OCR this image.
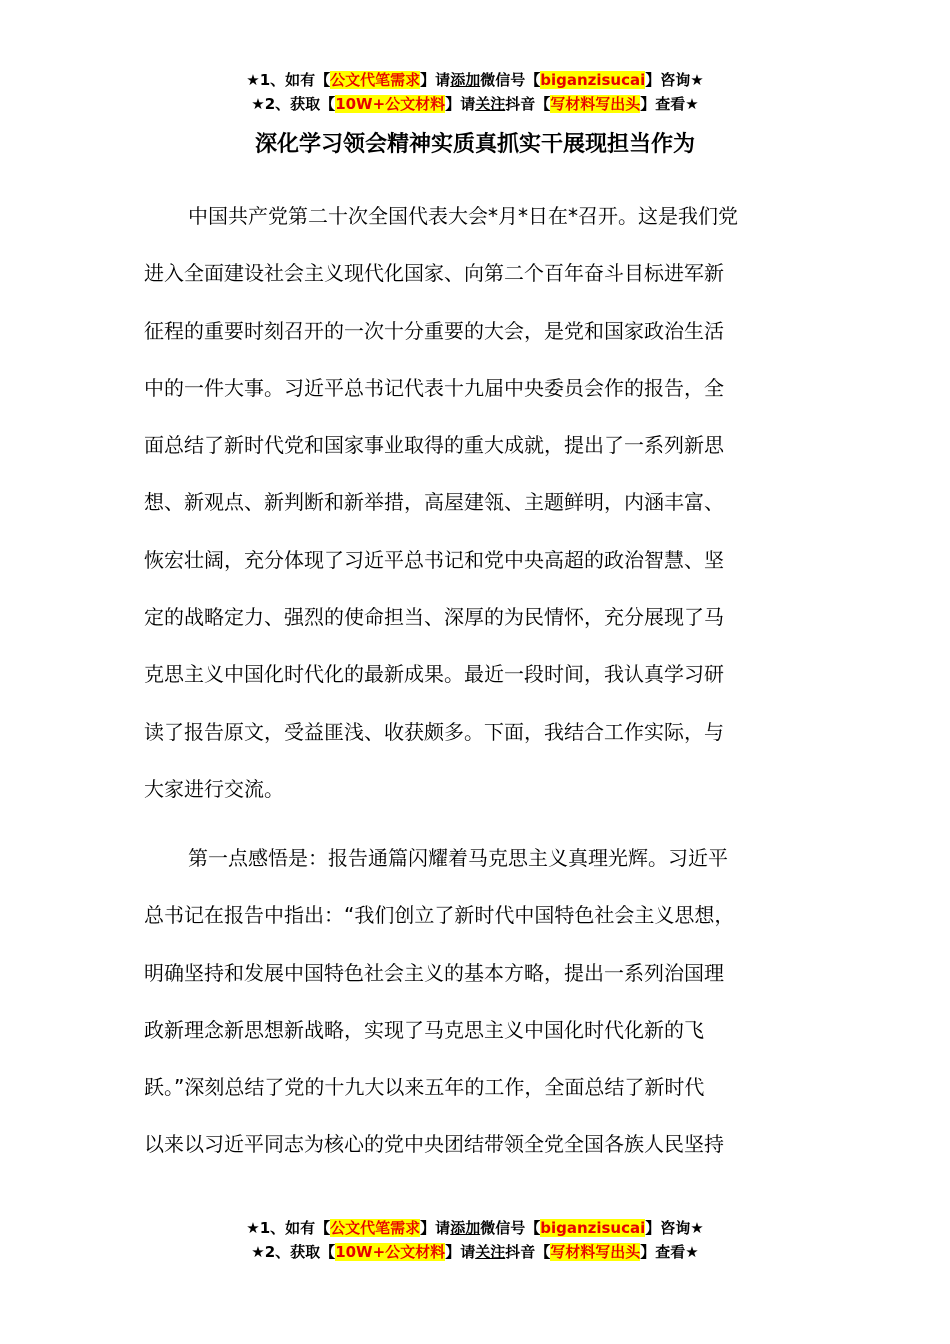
★1、如有【公文代笔需求】请添加微信号【biganzisucai】咨询★
★2、获取【10W+公文材料】请关注抖音【写材料写出头】查看★
深化学习领会精神实质真抓实干展现担当作为
中国共产党第二十次全国代表大会*月*日在*召开。这是我们党
进入全面建设社会主义现代化国家、向第二个百年奋斗目标进军新
征程的重要时刻召开的一次十分重要的大会，是党和国家政治生活
中的一件大事。习近平总书记代表十九届中央委员会作的报告，全
面总结了新时代党和国家事业取得的重大成就，提出了一系列新思
想、新观点、新判断和新举措，高屋建瓴、主题鲜明，内涵丰富、
恢宏壮阔，充分体现了习近平总书记和党中央高超的政治智慧、坚
定的战略定力、强烈的使命担当、深厚的为民情怀，充分展现了马
克思主义中国化时代化的最新成果。最近一段时间，我认真学习研
读了报告原文，受益匪浅、收获颇多。下面，我结合工作实际，与
大家进行交流。
第一点感悟是：报告通篇闪耀着马克思主义真理光辉。习近平
总书记在报告中指出：“我们创立了新时代中国特色社会主义思想，
明确坚持和发展中国特色社会主义的基本方略，提出一系列治国理
政新理念新思想新战略，实现了马克思主义中国化时代化新的飞
跃。”深刻总结了党的十九大以来五年的工作，全面总结了新时代
以来以习近平同志为核心的党中央团结带领全党全国各族人民坚持
★1、如有【公文代笔需求】请添加微信号【biganzisucai】咨询★
★2、获取【10W+公文材料】请关注抖音【写材料写出头】查看★
